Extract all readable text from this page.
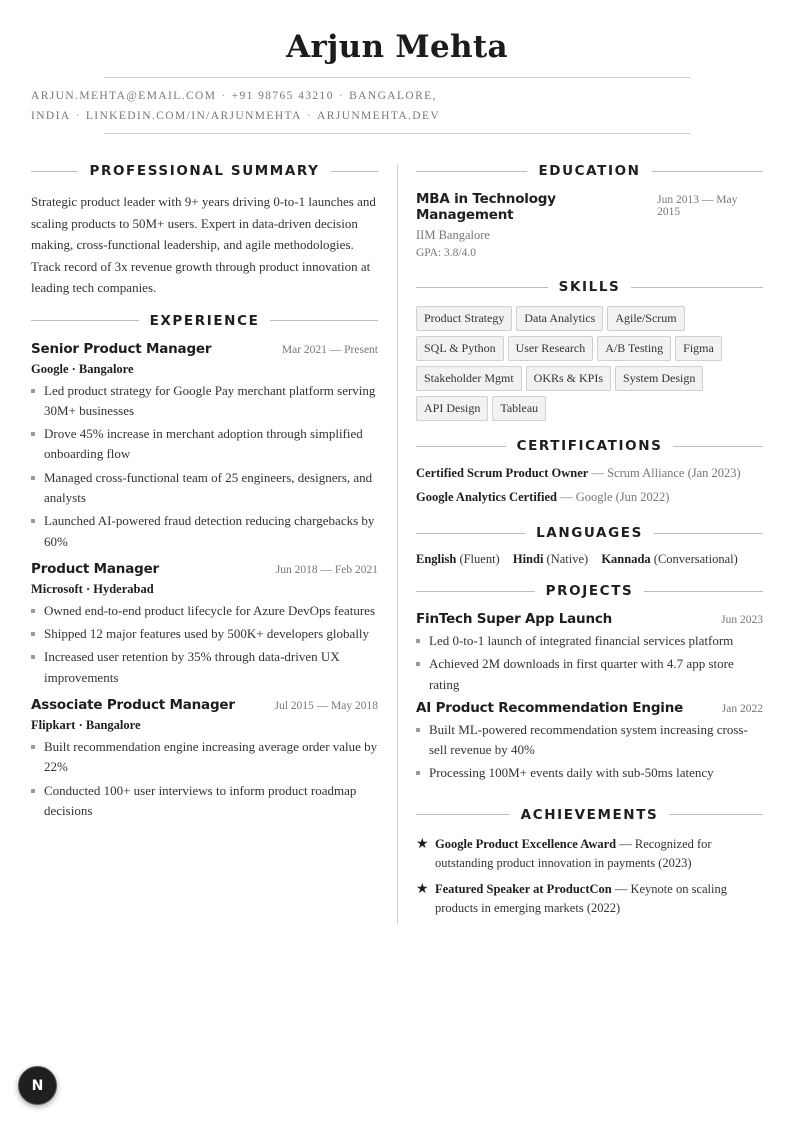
Arjun Mehta
ARJUN.MEHTA@EMAIL.COM · +91 98765 43210 · BANGALORE, INDIA · LINKEDIN.COM/IN/ARJUNMEHTA · ARJUNMEHTA.DEV
PROFESSIONAL SUMMARY

Strategic product leader with 9+ years driving 0-to-1 launches and scaling products to 50M+ users. Expert in data-driven decision making, cross-functional leadership, and agile methodologies. Track record of 3x revenue growth through product innovation at leading tech companies.

EXPERIENCE
Senior Product Manager	Mar 2021 — Present
Google · Bangalore
Led product strategy for Google Pay merchant platform serving 30M+ businesses
Drove 45% increase in merchant adoption through simplified onboarding flow
Managed cross-functional team of 25 engineers, designers, and analysts
Launched AI-powered fraud detection reducing chargebacks by 60%
Product Manager	Jun 2018 — Feb 2021
Microsoft · Hyderabad
Owned end-to-end product lifecycle for Azure DevOps features
Shipped 12 major features used by 500K+ developers globally
Increased user retention by 35% through data-driven UX improvements
Associate Product Manager	Jul 2015 — May 2018
Flipkart · Bangalore
Built recommendation engine increasing average order value by 22%
Conducted 100+ user interviews to inform product roadmap decisions
EDUCATION
MBA in Technology Management
Jun 2013 — May 2015
IIM Bangalore
GPA: 3.8/4.0
SKILLS
Product Strategy	Data Analytics	Agile/Scrum
SQL & Python	User Research	A/B Testing	Figma
Stakeholder Mgmt	OKRs & KPIs	System Design
API Design	Tableau
CERTIFICATIONS
Certified Scrum Product Owner — Scrum Alliance (Jan 2023)
Google Analytics Certified — Google (Jun 2022)
LANGUAGES
English (Fluent) Hindi (Native) Kannada (Conversational)
PROJECTS
FinTech Super App Launch	Jun 2023
Led 0-to-1 launch of integrated financial services platform
Achieved 2M downloads in first quarter with 4.7 app store rating
AI Product Recommendation Engine	Jan 2022
Built ML-powered recommendation system increasing cross-sell revenue by 40%
Processing 100M+ events daily with sub-50ms latency
ACHIEVEMENTS
★ Google Product Excellence Award — Recognized for outstanding product innovation in payments (2023)
★ Featured Speaker at ProductCon — Keynote on scaling products in emerging markets (2022)
N
